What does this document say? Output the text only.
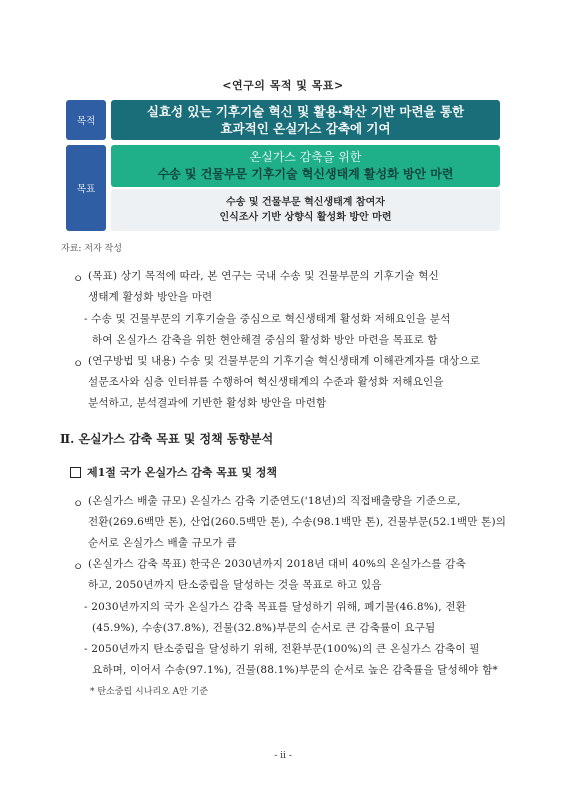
<연구의 목적 및 목표>
목적
실효성 있는 기후기술 혁신 및 활용·확산 기반 마련을 통한
효과적인 온실가스 감축에 기여
목표
온실가스 감축을 위한
수송 및 건물부문 기후기술 혁신생태계 활성화 방안 마련
수송 및 건물부문 혁신생태계 참여자
인식조사 기반 상향식 활성화 방안 마련
자료: 저자 작성
ㅇ (목표) 상기 목적에 따라, 본 연구는 국내 수송 및 건물부문의 기후기술 혁신
생태계 활성화 방안을 마련
- 수송 및 건물부문의 기후기술을 중심으로 혁신생태계 활성화 저해요인을 분석
하여 온실가스 감축을 위한 현안해결 중심의 활성화 방안 마련을 목표로 함
ㅇ (연구방법 및 내용) 수송 및 건물부문의 기후기술 혁신생태계 이해관계자를 대상으로
설문조사와 심층 인터뷰를 수행하여 혁신생태계의 수준과 활성화 저해요인을
분석하고, 분석결과에 기반한 활성화 방안을 마련함
Ⅱ. 온실가스 감축 목표 및 정책 동향분석
제1절 국가 온실가스 감축 목표 및 정책
ㅇ (온실가스 배출 규모) 온실가스 감축 기준연도('18년)의 직접배출량을 기준으로,
전환(269.6백만 톤), 산업(260.5백만 톤), 수송(98.1백만 톤), 건물부문(52.1백만 톤)의
순서로 온실가스 배출 규모가 큼
ㅇ (온실가스 감축 목표) 한국은 2030년까지 2018년 대비 40%의 온실가스를 감축
하고, 2050년까지 탄소중립을 달성하는 것을 목표로 하고 있음
- 2030년까지의 국가 온실가스 감축 목표를 달성하기 위해, 폐기물(46.8%), 전환
(45.9%), 수송(37.8%), 건물(32.8%)부문의 순서로 큰 감축률이 요구됨
- 2050년까지 탄소중립을 달성하기 위해, 전환부문(100%)의 큰 온실가스 감축이 필
요하며, 이어서 수송(97.1%), 건물(88.1%)부문의 순서로 높은 감축률을 달성해야 함*
* 탄소중립 시나리오 A안 기준
- ii -
